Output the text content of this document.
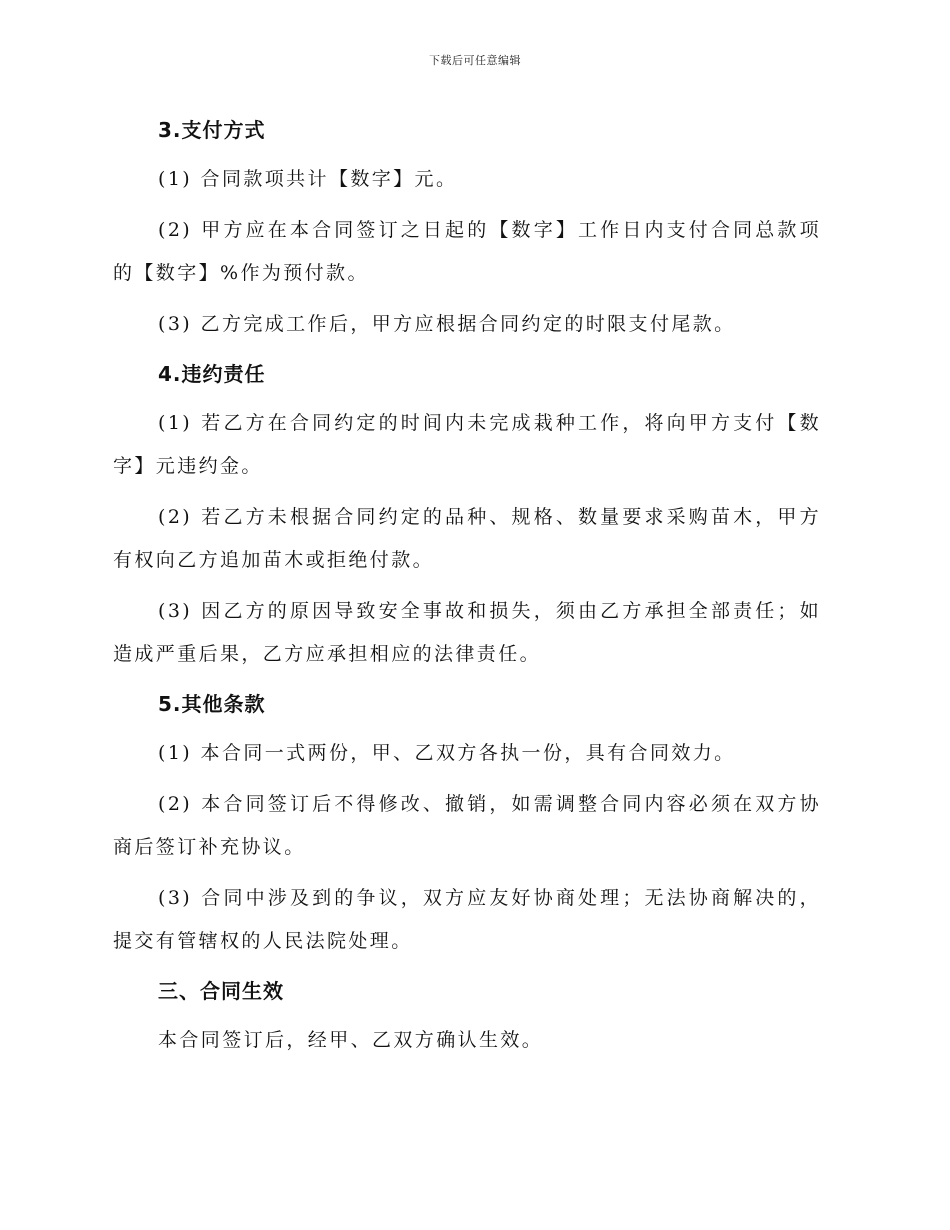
下载后可任意编辑
3.支付方式

(1) 合同款项共计【数字】元。

(2) 甲方应在本合同签订之日起的【数字】工作日内支付合同总款项的【数字】%作为预付款。

(3) 乙方完成工作后，甲方应根据合同约定的时限支付尾款。

4.违约责任

(1) 若乙方在合同约定的时间内未完成栽种工作，将向甲方支付【数字】元违约金。

(2) 若乙方未根据合同约定的品种、规格、数量要求采购苗木，甲方有权向乙方追加苗木或拒绝付款。

(3) 因乙方的原因导致安全事故和损失，须由乙方承担全部责任；如造成严重后果，乙方应承担相应的法律责任。

5.其他条款

(1) 本合同一式两份，甲、乙双方各执一份，具有合同效力。

(2) 本合同签订后不得修改、撤销，如需调整合同内容必须在双方协商后签订补充协议。

(3) 合同中涉及到的争议，双方应友好协商处理；无法协商解决的，提交有管辖权的人民法院处理。

三、合同生效

本合同签订后，经甲、乙双方确认生效。
